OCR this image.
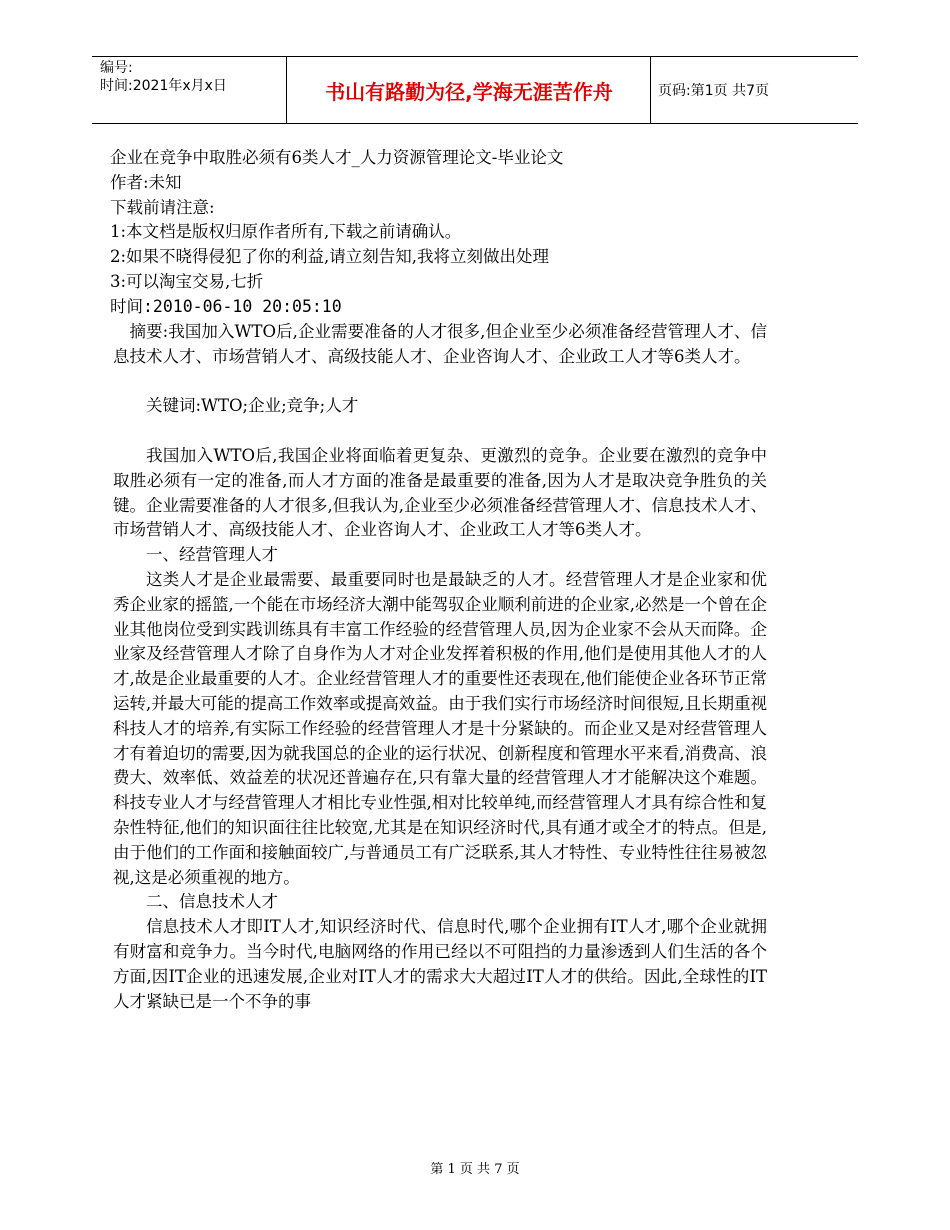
编号:
时间:2021年x月x日	书山有路勤为径,学海无涯苦作舟	页码:第1页 共7页
企业在竞争中取胜必须有6类人才_人力资源管理论文-毕业论文
作者:未知
下载前请注意:
1:本文档是版权归原作者所有,下载之前请确认。
2:如果不晓得侵犯了你的利益,请立刻告知,我将立刻做出处理
3:可以淘宝交易,七折
时间:2010-06-10 20:05:10

摘要:我国加入WTO后,企业需要准备的人才很多,但企业至少必须准备经营管理人才、信息技术人才、市场营销人才、高级技能人才、企业咨询人才、企业政工人才等6类人才。

关键词:WTO;企业;竞争;人才

我国加入WTO后,我国企业将面临着更复杂、更激烈的竞争。企业要在激烈的竞争中取胜必须有一定的准备,而人才方面的准备是最重要的准备,因为人才是取决竞争胜负的关键。企业需要准备的人才很多,但我认为,企业至少必须准备经营管理人才、信息技术人才、市场营销人才、高级技能人才、企业咨询人才、企业政工人才等6类人才。

一、经营管理人才

这类人才是企业最需要、最重要同时也是最缺乏的人才。经营管理人才是企业家和优秀企业家的摇篮,一个能在市场经济大潮中能驾驭企业顺利前进的企业家,必然是一个曾在企业其他岗位受到实践训练具有丰富工作经验的经营管理人员,因为企业家不会从天而降。企业家及经营管理人才除了自身作为人才对企业发挥着积极的作用,他们是使用其他人才的人才,故是企业最重要的人才。企业经营管理人才的重要性还表现在,他们能使企业各环节正常运转,并最大可能的提高工作效率或提高效益。由于我们实行市场经济时间很短,且长期重视科技人才的培养,有实际工作经验的经营管理人才是十分紧缺的。而企业又是对经营管理人才有着迫切的需要,因为就我国总的企业的运行状况、创新程度和管理水平来看,消费高、浪费大、效率低、效益差的状况还普遍存在,只有靠大量的经营管理人才才能解决这个难题。科技专业人才与经营管理人才相比专业性强,相对比较单纯,而经营管理人才具有综合性和复杂性特征,他们的知识面往往比较宽,尤其是在知识经济时代,具有通才或全才的特点。但是,由于他们的工作面和接触面较广,与普通员工有广泛联系,其人才特性、专业特性往往易被忽视,这是必须重视的地方。

二、信息技术人才

信息技术人才即IT人才,知识经济时代、信息时代,哪个企业拥有IT人才,哪个企业就拥有财富和竞争力。当今时代,电脑网络的作用已经以不可阻挡的力量渗透到人们生活的各个方面,因IT企业的迅速发展,企业对IT人才的需求大大超过IT人才的供给。因此,全球性的IT人才紧缺已是一个不争的事

第 1 页 共 7 页
